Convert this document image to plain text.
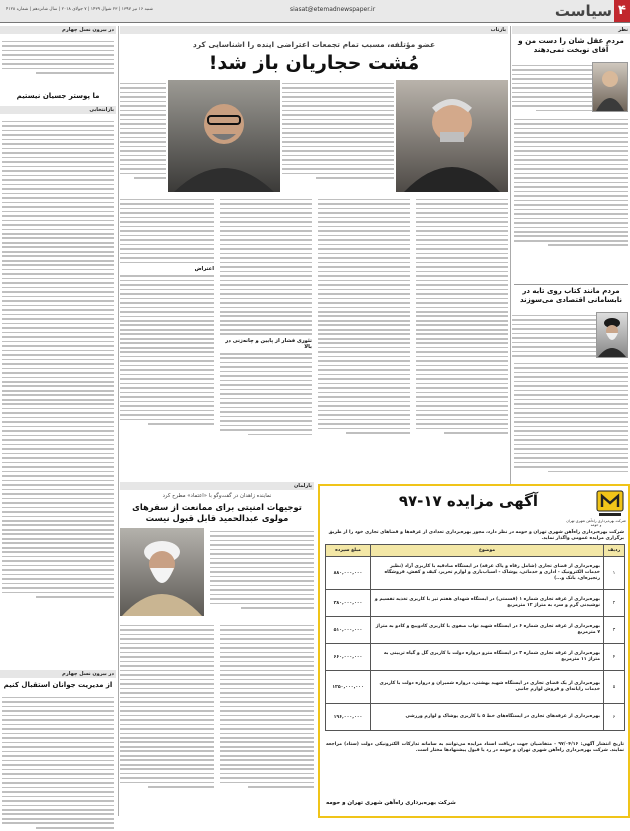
۴
سیاست
siasat@etemadnewspaper.ir
شنبه ۱۶ تیر ۱۳۹۷ | ۲۳ شوال ۱۴۳۹ | ۷ جولای ۲۰۱۸ | سال شانزدهم | شماره ۴۱۲۸
نظر
مردم عقل شان را دست من و آقای نوبخت نمی‌دهند
مردم مانند کتاب روی تابه در نابسامانی اقتصادی می‌سوزند
بازتاب
عضو مؤتلفه، مسبب تمام تجمعات اعتراضی اینده را اشناسایی کرد
مُشت حجاریان باز شد!
تئوری فشار از پایین و چانه‌زنی در بالا
اعتراض
در بیرون نسل چهارم
ما پوستر جسیان نیستیم
بازانتخابی
در بیرون نسل چهارم
از مدیریت جوانان استقبال کنیم
پارلمان
نماینده زاهدان در گفت‌وگو با «اعتماد» مطرح کرد
توجیهات امنیتی برای ممانعت از سفرهای مولوی عبدالحمید قابل قبول نیست
آگهی مزایده ۱۷-۹۷
شرکت بهره‌برداری راه‌آهن شهری تهران و حومه
شرکت بهره‌برداری راه‌آهن شهری تهران و حومه در نظر دارد، مجوز بهره‌برداری تعدادی از غرفه‌ها و فضاهای تجاری خود را از طریق برگزاری مزایده عمومی واگذار نماید.
ردیف	موضوع	مبلغ سپرده
۱	بهره‌برداری از فضای تجاری (شامل رفاه و پاک غرفه) در ایستگاه صادقیه با کاربری آزاد (نظیر خدمات الکترونیک - اداری و خدماتی، پوشاک - اسباب‌بازی و لوازم تحریر، کیف و کفش، فروشگاه زنجیره‌ای، بانک و...)	۸۸۰,۰۰۰,۰۰۰
۲	بهره‌برداری از غرفه تجاری شماره ۱ (قسمتی) در ایستگاه شهدای هفتم تیر با کاربری تغذیه تقسیم و نوشیدنی گرم و سرد به متراژ ۱۲ مترمربع	۳۸۰,۰۰۰,۰۰۰
۳	بهره‌برداری از غرفه تجاری شماره ۶ در ایستگاه شهید نواب صفوی با کاربری کادوپیچ و کادو به متراژ ۷ مترمربع	۵۱۰,۰۰۰,۰۰۰
۴	بهره‌برداری از غرفه تجاری شماره ۳ در ایستگاه مترو دروازه دولت با کاربری گل و گیاه تزیینی به متراژ ۱۱ مترمربع	۶۶۰,۰۰۰,۰۰۰
۵	بهره‌برداری از یک فضای تجاری در ایستگاه شهید بهشتی، دروازه شمیران و دروازه دولت با کاربری خدمات رایانه‌ای و فروش لوازم جانبی	۱۲۵۰,۰۰۰,۰۰۰
۶	بهره‌برداری از غرفه‌های تجاری در ایستگاه‌های خط ۵ با کاربری پوشاک و لوازم ورزشی	۱۹۶,۰۰۰,۰۰۰
تاریخ انتشار آگهی: ۹۷/۰۴/۱۶ - متقاضیان جهت دریافت اسناد مزایده می‌توانند به سامانه تدارکات الکترونیکی دولت (ستاد) مراجعه نمایند. شرکت بهره‌برداری راه‌آهن شهری تهران و حومه در رد یا قبول پیشنهادها مختار است.
شرکت بهره‌برداری راه‌آهن شهری تهران و حومه
